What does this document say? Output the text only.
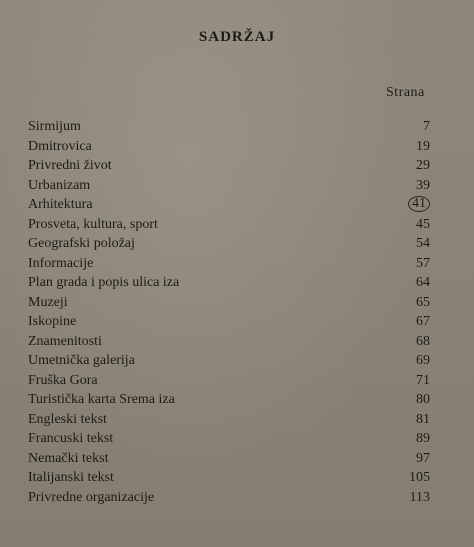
SADRŽAJ
Strana
Sirmijum	7
Dmitrovica	19
Privredni život	29
Urbanizam	39
Arhitektura	41
Prosveta, kultura, sport	45
Geografski položaj	54
Informacije	57
Plan grada i popis ulica iza	64
Muzeji	65
Iskopine	67
Znamenitosti	68
Umetnička galerija	69
Fruška Gora	71
Turistička karta Srema iza	80
Engleski tekst	81
Francuski tekst	89
Nemački tekst	97
Italijanski tekst	105
Privredne organizacije	113
